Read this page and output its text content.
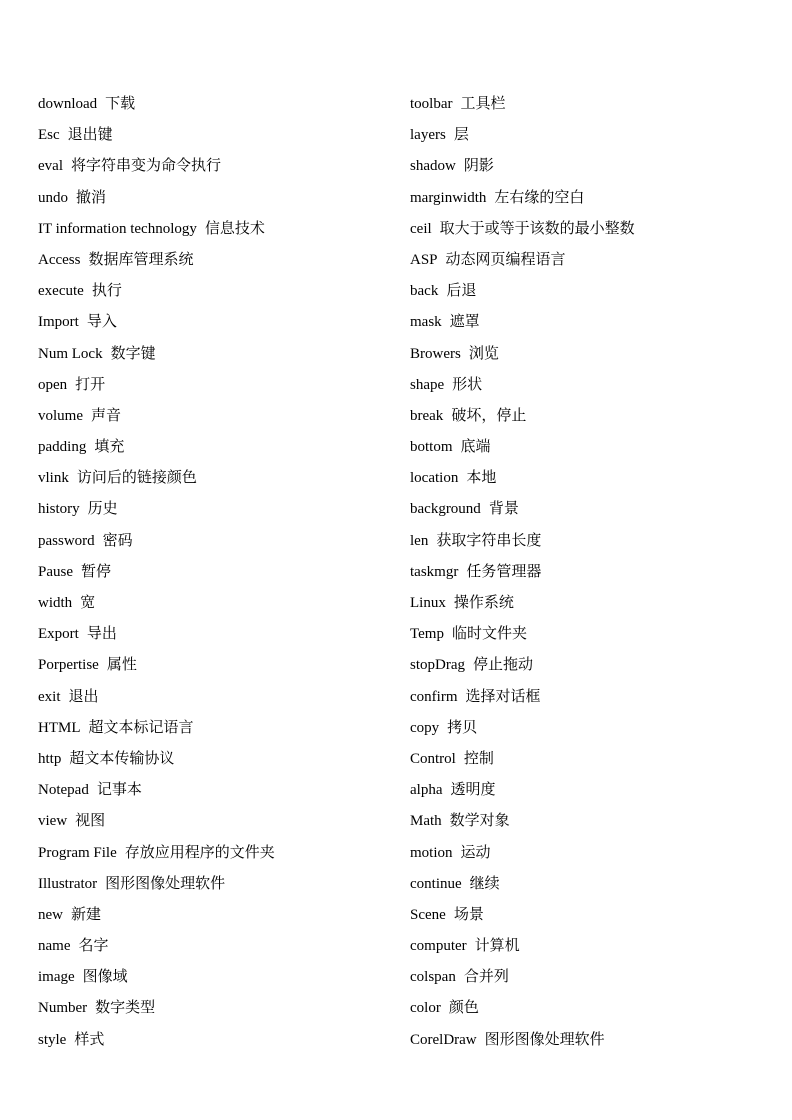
download 下载
Esc 退出键
eval 将字符串变为命令执行
undo 撤消
IT information technology 信息技术
Access 数据库管理系统
execute 执行
Import 导入
Num Lock 数字键
open 打开
volume 声音
padding 填充
vlink 访问后的链接颜色
history 历史
password 密码
Pause 暂停
width 宽
Export 导出
Porpertise 属性
exit 退出
HTML 超文本标记语言
http 超文本传输协议
Notepad 记事本
view 视图
Program File 存放应用程序的文件夹
Illustrator 图形图像处理软件
new 新建
name 名字
image 图像域
Number 数字类型
style 样式
toolbar 工具栏
layers 层
shadow 阴影
marginwidth 左右缘的空白
ceil 取大于或等于该数的最小整数
ASP 动态网页编程语言
back 后退
mask 遮罩
Browers 浏览
shape 形状
break 破坏，停止
bottom 底端
location 本地
background 背景
len 获取字符串长度
taskmgr 任务管理器
Linux 操作系统
Temp 临时文件夹
stopDrag 停止拖动
confirm 选择对话框
copy 拷贝
Control 控制
alpha 透明度
Math 数学对象
motion 运动
continue 继续
Scene 场景
computer 计算机
colspan 合并列
color 颜色
CorelDraw 图形图像处理软件
